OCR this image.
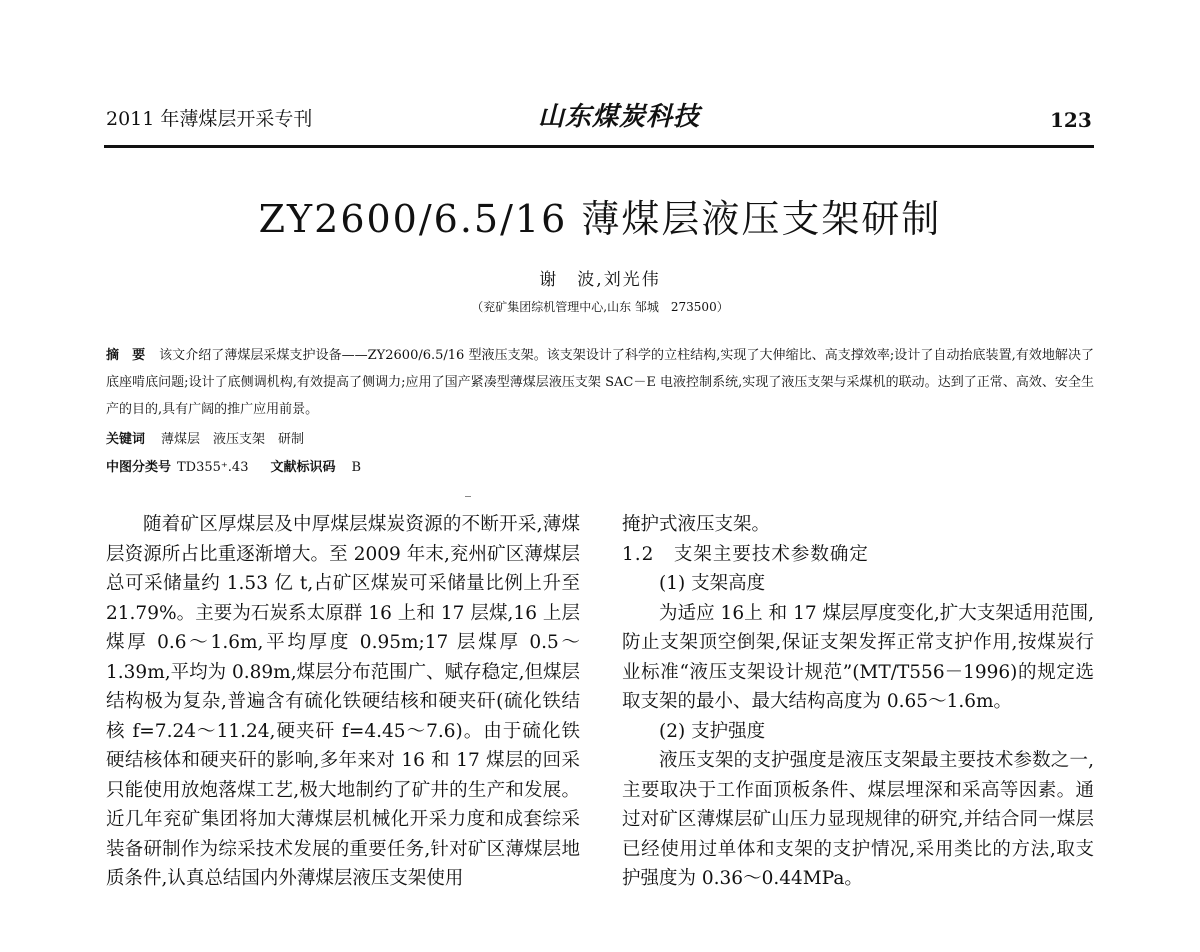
2011 年薄煤层开采专刊	山东煤炭科技	123
ZY2600/6.5/16 薄煤层液压支架研制
谢　波,刘光伟
（兖矿集团综机管理中心,山东 邹城　273500）
摘　要 该文介绍了薄煤层采煤支护设备——ZY2600/6.5/16 型液压支架。该支架设计了科学的立柱结构,实现了大伸缩比、高支撑效率;设计了自动抬底装置,有效地解决了底座啃底问题;设计了底侧调机构,有效提高了侧调力;应用了国产紧凑型薄煤层液压支架 SAC－E 电液控制系统,实现了液压支架与采煤机的联动。达到了正常、高效、安全生产的目的,具有广阔的推广应用前景。
关键词 薄煤层　液压支架　研制
中图分类号 TD355⁺.43 文献标识码 B

随着矿区厚煤层及中厚煤层煤炭资源的不断开采,薄煤层资源所占比重逐渐增大。至 2009 年末,兖州矿区薄煤层总可采储量约 1.53 亿 t,占矿区煤炭可采储量比例上升至 21.79%。主要为石炭系太原群 16 上和 17 层煤,16 上层煤厚 0.6～1.6m,平均厚度 0.95m;17 层煤厚 0.5～1.39m,平均为 0.89m,煤层分布范围广、赋存稳定,但煤层结构极为复杂,普遍含有硫化铁硬结核和硬夹矸(硫化铁结核 f=7.24～11.24,硬夹矸 f=4.45～7.6)。由于硫化铁硬结核体和硬夹矸的影响,多年来对 16 和 17 煤层的回采只能使用放炮落煤工艺,极大地制约了矿井的生产和发展。近几年兖矿集团将加大薄煤层机械化开采力度和成套综采装备研制作为综采技术发展的重要任务,针对矿区薄煤层地质条件,认真总结国内外薄煤层液压支架使用

掩护式液压支架。

1.2　支架主要技术参数确定

(1) 支架高度

为适应 16上 和 17 煤层厚度变化,扩大支架适用范围,防止支架顶空倒架,保证支架发挥正常支护作用,按煤炭行业标准“液压支架设计规范”(MT/T556－1996)的规定选取支架的最小、最大结构高度为 0.65～1.6m。

(2) 支护强度

液压支架的支护强度是液压支架最主要技术参数之一,主要取决于工作面顶板条件、煤层埋深和采高等因素。通过对矿区薄煤层矿山压力显现规律的研究,并结合同一煤层已经使用过单体和支架的支护情况,采用类比的方法,取支护强度为 0.36～0.44MPa。
